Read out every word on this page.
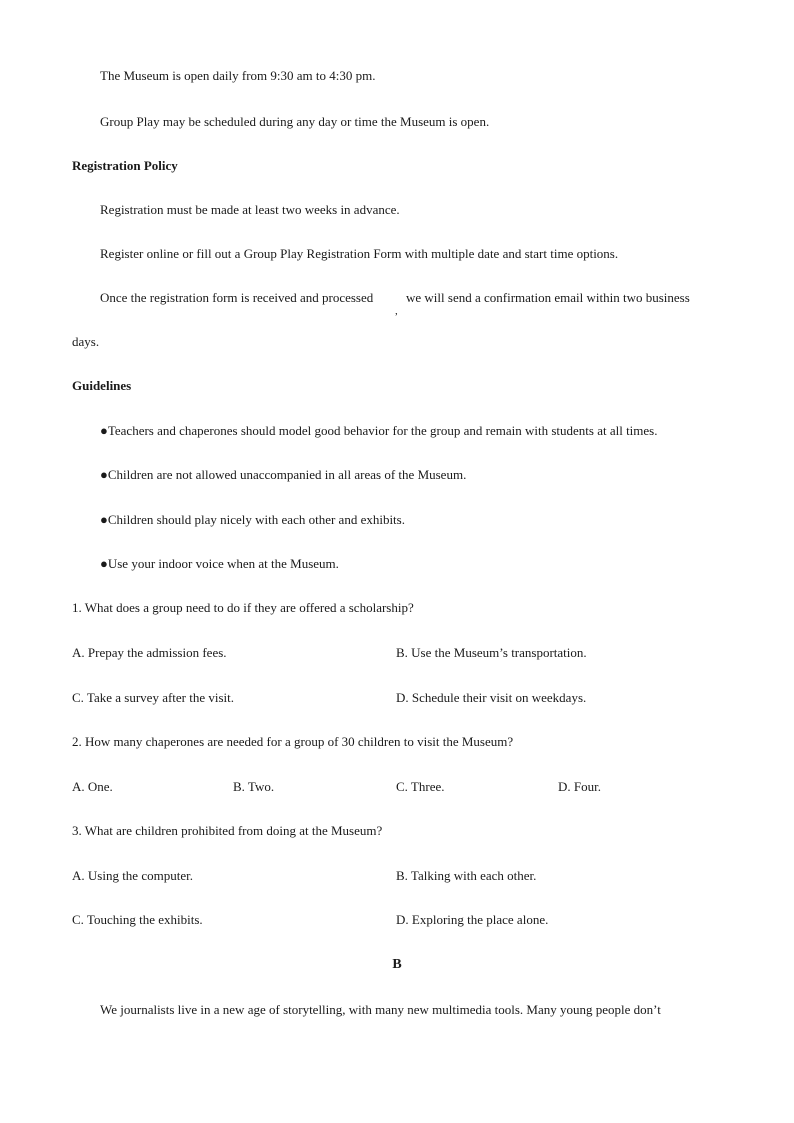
The Museum is open daily from 9:30 am to 4:30 pm.
Group Play may be scheduled during any day or time the Museum is open.
Registration Policy
Registration must be made at least two weeks in advance.
Register online or fill out a Group Play Registration Form with multiple date and start time options.
Once the registration form is received and processed
,
we will send a confirmation email within two business
days.
Guidelines
●Teachers and chaperones should model good behavior for the group and remain with students at all times.
●Children are not allowed unaccompanied in all areas of the Museum.
●Children should play nicely with each other and exhibits.
●Use your indoor voice when at the Museum.
1. What does a group need to do if they are offered a scholarship?
A. Prepay the admission fees.	B. Use the Museum’s transportation.
C. Take a survey after the visit.	D. Schedule their visit on weekdays.
2. How many chaperones are needed for a group of 30 children to visit the Museum?
A. One.	B. Two.	C. Three.	D. Four.
3. What are children prohibited from doing at the Museum?
A. Using the computer.	B. Talking with each other.
C. Touching the exhibits.	D. Exploring the place alone.
B
We journalists live in a new age of storytelling, with many new multimedia tools. Many young people don’t
